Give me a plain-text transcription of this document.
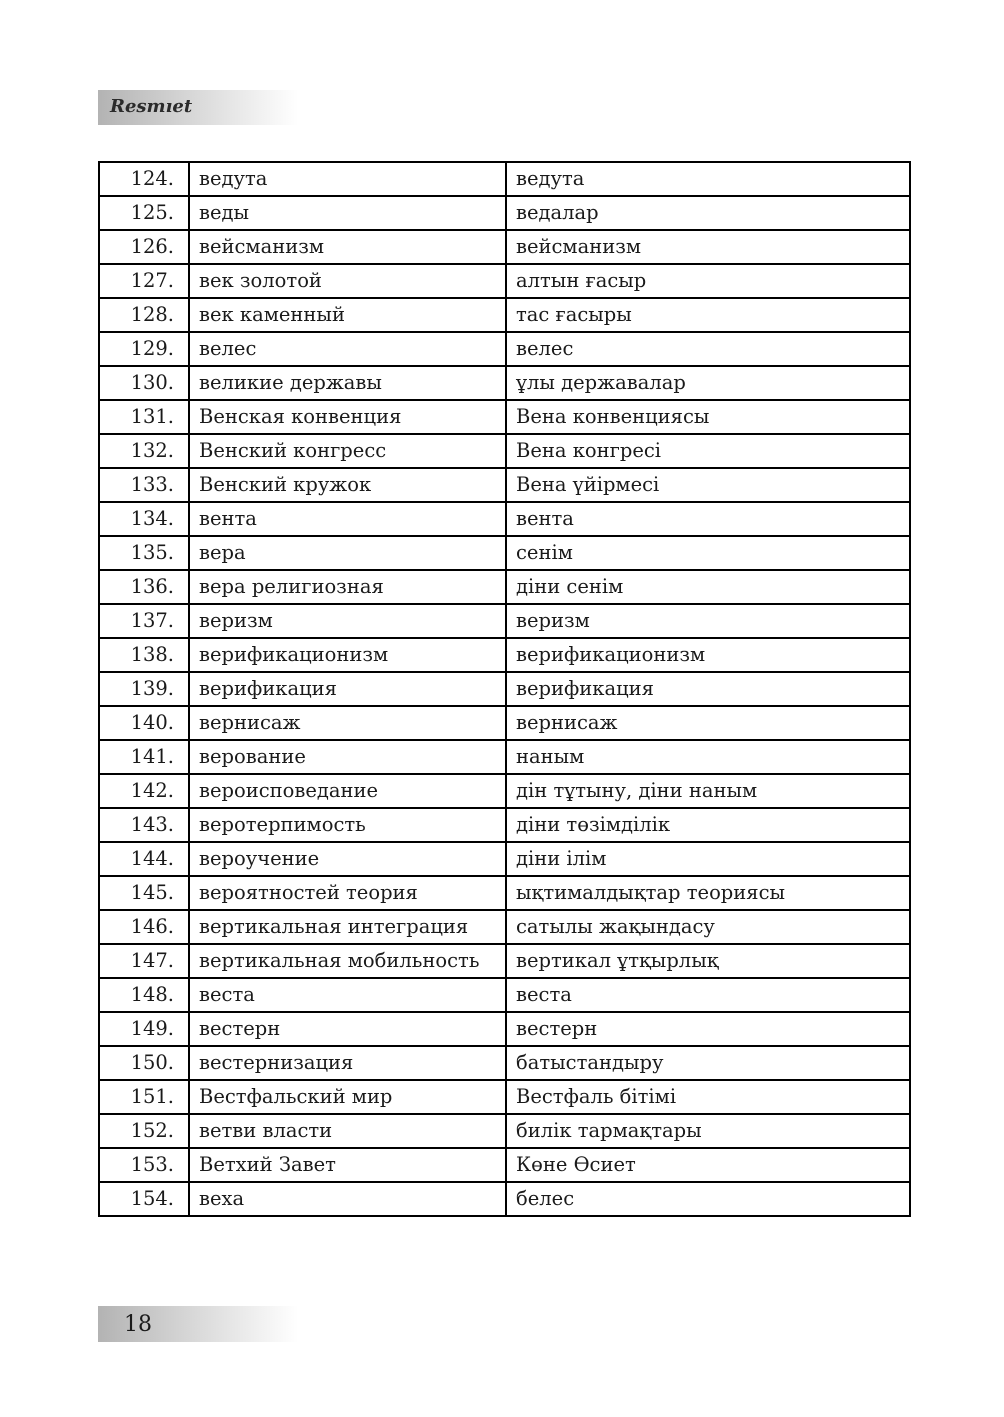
Resmıet
124.	ведута	ведута
125.	веды	ведалар
126.	вейсманизм	вейсманизм
127.	век золотой	алтын ғасыр
128.	век каменный	тас ғасыры
129.	велес	велес
130.	великие державы	ұлы державалар
131.	Венская конвенция	Вена конвенциясы
132.	Венский конгресс	Вена конгресі
133.	Венский кружок	Вена үйірмесі
134.	вента	вента
135.	вера	сенім
136.	вера религиозная	діни сенім
137.	веризм	веризм
138.	верификационизм	верификационизм
139.	верификация	верификация
140.	вернисаж	вернисаж
141.	верование	наным
142.	вероисповедание	дін тұтыну, діни наным
143.	веротерпимость	діни төзімділік
144.	вероучение	діни ілім
145.	вероятностей теория	ықтималдықтар теориясы
146.	вертикальная интеграция	сатылы жақындасу
147.	вертикальная мобильность	вертикал ұтқырлық
148.	веста	веста
149.	вестерн	вестерн
150.	вестернизация	батыстандыру
151.	Вестфальский мир	Вестфаль бітімі
152.	ветви власти	билік тармақтары
153.	Ветхий Завет	Көне Өсиет
154.	веха	белес
18
